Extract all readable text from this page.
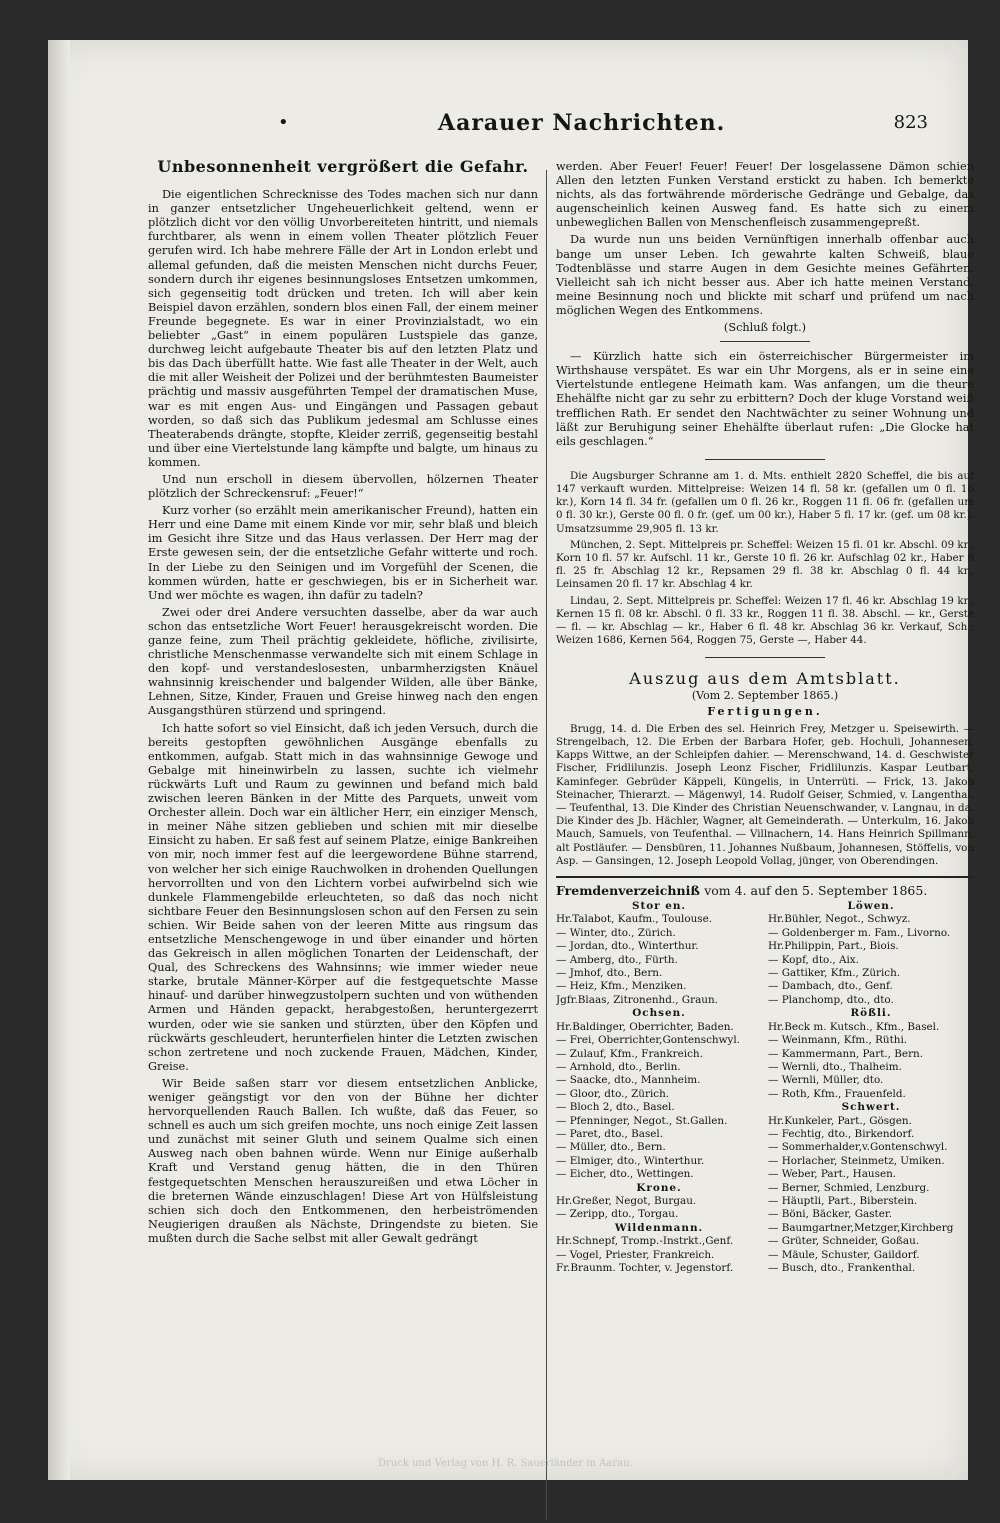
•	Aarauer Nachrichten.	823
Unbesonnenheit vergrößert die Gefahr.

Die eigentlichen Schrecknisse des Todes machen sich nur dann in ganzer entsetzlicher Ungeheuerlichkeit geltend, wenn er plötzlich dicht vor den völlig Unvorbereiteten hintritt, und niemals furchtbarer, als wenn in einem vollen Theater plötzlich Feuer gerufen wird. Ich habe mehrere Fälle der Art in London erlebt und allemal gefunden, daß die meisten Menschen nicht durchs Feuer, sondern durch ihr eigenes besinnungsloses Entsetzen umkommen, sich gegenseitig todt drücken und treten. Ich will aber kein Beispiel davon erzählen, sondern blos einen Fall, der einem meiner Freunde begegnete. Es war in einer Provinzialstadt, wo ein beliebter „Gast“ in einem populären Lustspiele das ganze, durchweg leicht aufgebaute Theater bis auf den letzten Platz und bis das Dach überfüllt hatte. Wie fast alle Theater in der Welt, auch die mit aller Weisheit der Polizei und der berühmtesten Baumeister prächtig und massiv ausgeführten Tempel der dramatischen Muse, war es mit engen Aus- und Eingängen und Passagen gebaut worden, so daß sich das Publikum jedesmal am Schlusse eines Theaterabends drängte, stopfte, Kleider zerriß, gegenseitig bestahl und über eine Viertelstunde lang kämpfte und balgte, um hinaus zu kommen.

Und nun erscholl in diesem übervollen, hölzernen Theater plötzlich der Schreckensruf: „Feuer!“

Kurz vorher (so erzählt mein amerikanischer Freund), hatten ein Herr und eine Dame mit einem Kinde vor mir, sehr blaß und bleich im Gesicht ihre Sitze und das Haus verlassen. Der Herr mag der Erste gewesen sein, der die entsetzliche Gefahr witterte und roch. In der Liebe zu den Seinigen und im Vorgefühl der Scenen, die kommen würden, hatte er geschwiegen, bis er in Sicherheit war. Und wer möchte es wagen, ihn dafür zu tadeln?

Zwei oder drei Andere versuchten dasselbe, aber da war auch schon das entsetzliche Wort Feuer! herausgekreischt worden. Die ganze feine, zum Theil prächtig gekleidete, höfliche, zivilisirte, christliche Menschenmasse verwandelte sich mit einem Schlage in den kopf- und verstandeslosesten, unbarmherzigsten Knäuel wahnsinnig kreischender und balgender Wilden, alle über Bänke, Lehnen, Sitze, Kinder, Frauen und Greise hinweg nach den engen Ausgangsthüren stürzend und springend.

Ich hatte sofort so viel Einsicht, daß ich jeden Versuch, durch die bereits gestopften gewöhnlichen Ausgänge ebenfalls zu entkommen, aufgab. Statt mich in das wahnsinnige Gewoge und Gebalge mit hineinwirbeln zu lassen, suchte ich vielmehr rückwärts Luft und Raum zu gewinnen und befand mich bald zwischen leeren Bänken in der Mitte des Parquets, unweit vom Orchester allein. Doch war ein ältlicher Herr, ein einziger Mensch, in meiner Nähe sitzen geblieben und schien mit mir dieselbe Einsicht zu haben. Er saß fest auf seinem Platze, einige Bankreihen von mir, noch immer fest auf die leergewordene Bühne starrend, von welcher her sich einige Rauchwolken in drohenden Quellungen hervorrollten und von den Lichtern vorbei aufwirbelnd sich wie dunkele Flammengebilde erleuchteten, so daß das noch nicht sichtbare Feuer den Besinnungslosen schon auf den Fersen zu sein schien. Wir Beide sahen von der leeren Mitte aus ringsum das entsetzliche Menschengewoge in und über einander und hörten das Gekreisch in allen möglichen Tonarten der Leidenschaft, der Qual, des Schreckens des Wahnsinns; wie immer wieder neue starke, brutale Männer-Körper auf die festgequetschte Masse hinauf- und darüber hinwegzustolpern suchten und von wüthenden Armen und Händen gepackt, herabgestoßen, heruntergezerrt wurden, oder wie sie sanken und stürzten, über den Köpfen und rückwärts geschleudert, herunterfielen hinter die Letzten zwischen schon zertretene und noch zuckende Frauen, Mädchen, Kinder, Greise.

Wir Beide saßen starr vor diesem entsetzlichen Anblicke, weniger geängstigt vor den von der Bühne her dichter hervorquellenden Rauch Ballen. Ich wußte, daß das Feuer, so schnell es auch um sich greifen mochte, uns noch einige Zeit lassen und zunächst mit seiner Gluth und seinem Qualme sich einen Ausweg nach oben bahnen würde. Wenn nur Einige außerhalb Kraft und Verstand genug hätten, die in den Thüren festgequetschten Menschen herauszureißen und etwa Löcher in die breternen Wände einzuschlagen! Diese Art von Hülfsleistung schien sich doch den Entkommenen, den herbeiströmenden Neugierigen draußen als Nächste, Dringendste zu bieten. Sie mußten durch die Sache selbst mit aller Gewalt gedrängt

werden. Aber Feuer! Feuer! Feuer! Der losgelassene Dämon schien Allen den letzten Funken Verstand erstickt zu haben. Ich bemerkte nichts, als das fortwährende mörderische Gedränge und Gebalge, das augenscheinlich keinen Ausweg fand. Es hatte sich zu einem unbeweglichen Ballen von Menschenfleisch zusammengepreßt.

Da wurde nun uns beiden Vernünftigen innerhalb offenbar auch bange um unser Leben. Ich gewahrte kalten Schweiß, blaue Todtenblässe und starre Augen in dem Gesichte meines Gefährten. Vielleicht sah ich nicht besser aus. Aber ich hatte meinen Verstand, meine Besinnung noch und blickte mit scharf und prüfend um nach möglichen Wegen des Entkommens.

(Schluß folgt.)

— Kürzlich hatte sich ein österreichischer Bürgermeister im Wirthshause verspätet. Es war ein Uhr Morgens, als er in seine eine Viertelstunde entlegene Heimath kam. Was anfangen, um die theure Ehehälfte nicht gar zu sehr zu erbittern? Doch der kluge Vorstand weiß trefflichen Rath. Er sendet den Nachtwächter zu seiner Wohnung und läßt zur Beruhigung seiner Ehehälfte überlaut rufen: „Die Glocke hat eils geschlagen.“

Die Augsburger Schranne am 1. d. Mts. enthielt 2820 Scheffel, die bis auf 147 verkauft wurden. Mittelpreise: Weizen 14 fl. 58 kr. (gefallen um 0 fl. 16 kr.), Korn 14 fl. 34 fr. (gefallen um 0 fl. 26 kr., Roggen 11 fl. 06 fr. (gefallen um 0 fl. 30 kr.), Gerste 00 fl. 0 fr. (gef. um 00 kr.), Haber 5 fl. 17 kr. (gef. um 08 kr.). Umsatzsumme 29,905 fl. 13 kr.

München, 2. Sept. Mittelpreis pr. Scheffel: Weizen 15 fl. 01 kr. Abschl. 09 kr., Korn 10 fl. 57 kr. Aufschl. 11 kr., Gerste 10 fl. 26 kr. Aufschlag 02 kr., Haber 6 fl. 25 fr. Abschlag 12 kr., Repsamen 29 fl. 38 kr. Abschlag 0 fl. 44 kr., Leinsamen 20 fl. 17 kr. Abschlag 4 kr.

Lindau, 2. Sept. Mittelpreis pr. Scheffel: Weizen 17 fl. 46 kr. Abschlag 19 kr., Kernen 15 fl. 08 kr. Abschl. 0 fl. 33 kr., Roggen 11 fl. 38. Abschl. — kr., Gerste — fl. — kr. Abschlag — kr., Haber 6 fl. 48 kr. Abschlag 36 kr. Verkauf, Sch.: Weizen 1686, Kernen 564, Roggen 75, Gerste —, Haber 44.

Auszug aus dem Amtsblatt.
(Vom 2. September 1865.)
Fertigungen.

Brugg, 14. d. Die Erben des sel. Heinrich Frey, Metzger u. Speisewirth. — Strengelbach, 12. Die Erben der Barbara Hofer, geb. Hochuli, Johannesen, Kapps Wittwe, an der Schleipfen dahier. — Merenschwand, 14. d. Geschwister Fischer, Fridlilunzis. Joseph Leonz Fischer, Fridlilunzis. Kaspar Leutbart, Kaminfeger. Gebrüder Käppeli, Küngelis, in Unterrüti. — Frick, 13. Jakob Steinacher, Thierarzt. — Mägenwyl, 14. Rudolf Geiser, Schmied, v. Langenthal. — Teufenthal, 13. Die Kinder des Christian Neuenschwander, v. Langnau, in da. Die Kinder des Jb. Hächler, Wagner, alt Gemeinderath. — Unterkulm, 16. Jakob Mauch, Samuels, von Teufenthal. — Villnachern, 14. Hans Heinrich Spillmann, alt Postläufer. — Densbüren, 11. Johannes Nußbaum, Johannesen, Stöffelis, von Asp. — Gansingen, 12. Joseph Leopold Vollag, jünger, von Oberendingen.

Fremdenverzeichniß vom 4. auf den 5. September 1865.
Stor en.
Hr.Talabot, Kaufm., Toulouse.
— Winter, dto., Zürich.
— Jordan, dto., Winterthur.
— Amberg, dto., Fürth.
— Jmhof, dto., Bern.
— Heiz, Kfm., Menziken.
Jgfr.Blaas, Zitronenhd., Graun.
Ochsen.
Hr.Baldinger, Oberrichter, Baden.
— Frei, Oberrichter,Gontenschwyl.
— Zulauf, Kfm., Frankreich.
— Arnhold, dto., Berlin.
— Saacke, dto., Mannheim.
— Gloor, dto., Zürich.
— Bloch 2, dto., Basel.
— Pfenninger, Negot., St.Gallen.
— Paret, dto., Basel.
— Müller, dto., Bern.
— Elmiger, dto., Winterthur.
— Eicher, dto., Wettingen.
Krone.
Hr.Greßer, Negot, Burgau.
— Zeripp, dto., Torgau.
Wildenmann.
Hr.Schnepf, Tromp.-Instrkt.,Genf.
— Vogel, Priester, Frankreich.
Fr.Braunm. Tochter, v. Jegenstorf.
Löwen.
Hr.Bühler, Negot., Schwyz.
— Goldenberger m. Fam., Livorno.
Hr.Philippin, Part., Biois.
— Kopf, dto., Aix.
— Gattiker, Kfm., Zürich.
— Dambach, dto., Genf.
— Planchomp, dto., dto.
Rößli.
Hr.Beck m. Kutsch., Kfm., Basel.
— Weinmann, Kfm., Rüthi.
— Kammermann, Part., Bern.
— Wernli, dto., Thalheim.
— Wernli, Müller, dto.
— Roth, Kfm., Frauenfeld.
Schwert.
Hr.Kunkeler, Part., Gösgen.
— Fechtig, dto., Birkendorf.
— Sommerhalder,v.Gontenschwyl.
— Horlacher, Steinmetz, Umiken.
— Weber, Part., Hausen.
— Berner, Schmied, Lenzburg.
— Häuptli, Part., Biberstein.
— Böni, Bäcker, Gaster.
— Baumgartner,Metzger,Kirchberg
— Grüter, Schneider, Goßau.
— Mäule, Schuster, Gaildorf.
— Busch, dto., Frankenthal.
Druck und Verlag von H. R. Sauerländer in Aarau.
